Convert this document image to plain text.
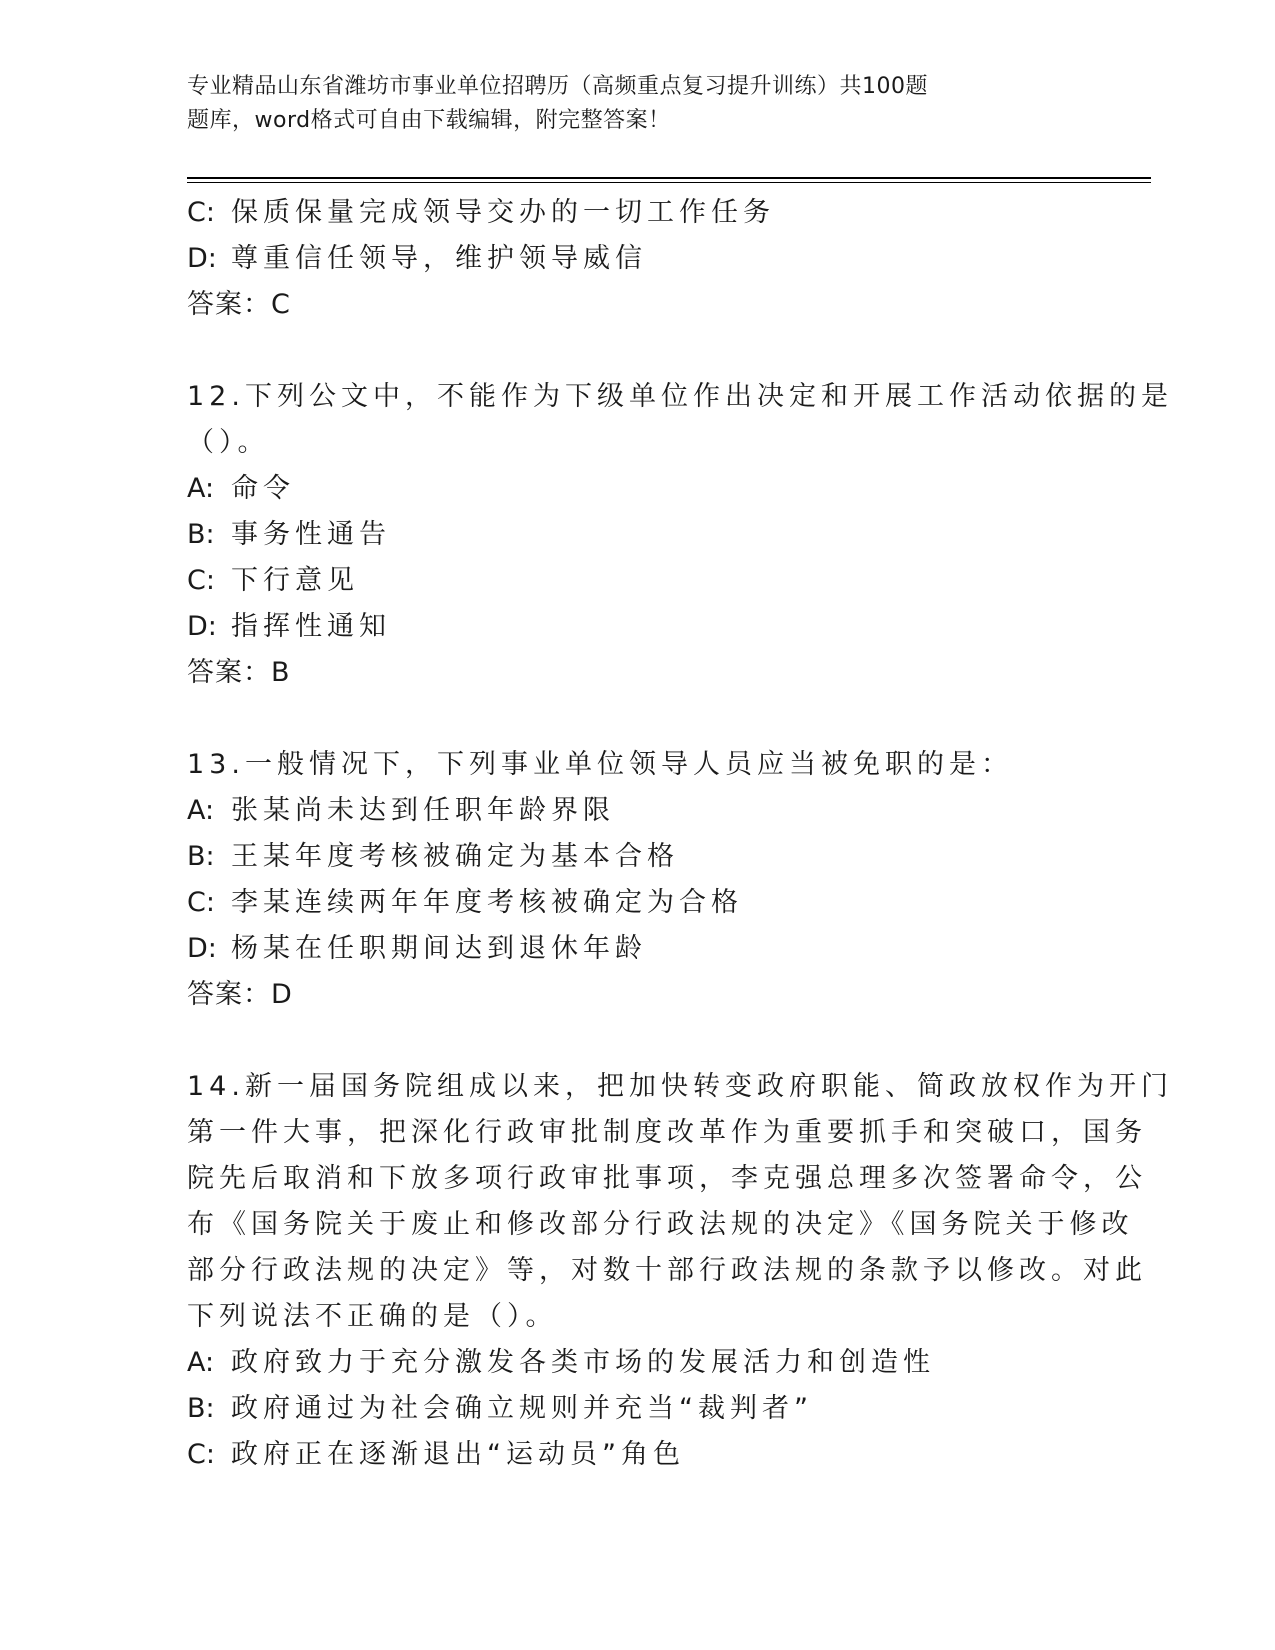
专业精品山东省潍坊市事业单位招聘历（高频重点复习提升训练）共100题
题库，word格式可自由下载编辑，附完整答案！
C: 保质保量完成领导交办的一切工作任务
D: 尊重信任领导，维护领导威信
答案：C
12.下列公文中，不能作为下级单位作出决定和开展工作活动依据的是
（）。
A: 命令
B: 事务性通告
C: 下行意见
D: 指挥性通知
答案：B
13.一般情况下，下列事业单位领导人员应当被免职的是：
A: 张某尚未达到任职年龄界限
B: 王某年度考核被确定为基本合格
C: 李某连续两年年度考核被确定为合格
D: 杨某在任职期间达到退休年龄
答案：D
14.新一届国务院组成以来，把加快转变政府职能、简政放权作为开门
第一件大事，把深化行政审批制度改革作为重要抓手和突破口，国务
院先后取消和下放多项行政审批事项，李克强总理多次签署命令，公
布《国务院关于废止和修改部分行政法规的决定》《国务院关于修改
部分行政法规的决定》等，对数十部行政法规的条款予以修改。对此
下列说法不正确的是（）。
A: 政府致力于充分激发各类市场的发展活力和创造性
B: 政府通过为社会确立规则并充当“裁判者”
C: 政府正在逐渐退出“运动员”角色
